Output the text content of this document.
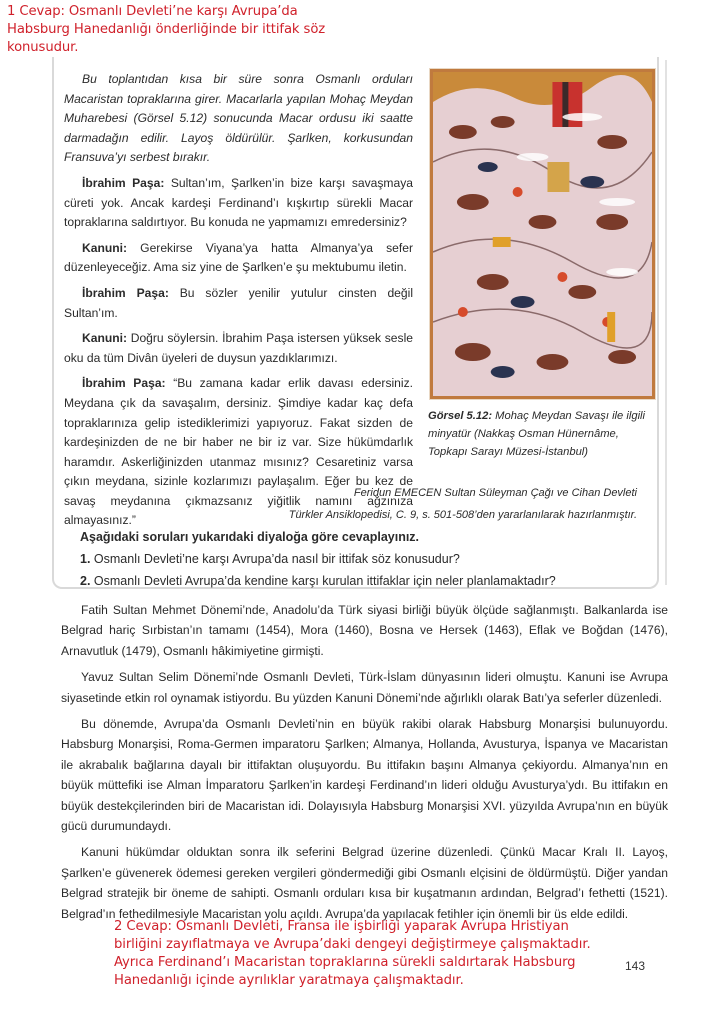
1 Cevap: Osmanlı Devleti’ne karşı Avrupa’da Habsburg Hanedanlığı önderliğinde bir ittifak söz konusudur.

Bu toplantıdan kısa bir süre sonra Osmanlı orduları Macaristan topraklarına girer. Macarlarla yapılan Mohaç Meydan Muharebesi (Görsel 5.12) sonucunda Macar ordusu iki saatte darmadağın edilir. Layoş öldürülür. Şarlken, korkusundan Fransuva’yı serbest bırakır.

İbrahim Paşa: Sultan’ım, Şarlken’in bize karşı savaşmaya cüreti yok. Ancak kardeşi Ferdinand’ı kışkırtıp sürekli Macar topraklarına saldırtıyor. Bu konuda ne yapmamızı emredersiniz?

Kanuni: Gerekirse Viyana’ya hatta Almanya’ya sefer düzenleyeceğiz. Ama siz yine de Şarlken’e şu mektubumu iletin.

İbrahim Paşa: Bu sözler yenilir yutulur cinsten değil Sultan’ım.

Kanuni: Doğru söylersin. İbrahim Paşa istersen yüksek sesle oku da tüm Divân üyeleri de duysun yazdıklarımızı.

İbrahim Paşa: “Bu zamana kadar erlik davası edersiniz. Meydana çık da savaşalım, dersiniz. Şimdiye kadar kaç defa topraklarınıza gelip istediklerimizi yapıyoruz. Fakat sizden de kardeşinizden de ne bir haber ne bir iz var. Size hükümdarlık haramdır. Askerliğinizden utanmaz mısınız? Cesaretiniz varsa çıkın meydana, sizinle kozlarımızı paylaşalım. Eğer bu kez de savaş meydanına çıkmazsanız yiğitlik namını ağzınıza almayasınız.”

Görsel 5.12: Mohaç Meydan Savaşı ile ilgili minyatür (Nakkaş Osman Hünernâme, Topkapı Sarayı Müzesi-İstanbul)
Feridun EMECEN Sultan Süleyman Çağı ve Cihan Devleti
Türkler Ansiklopedisi, C. 9, s. 501-508’den yararlanılarak hazırlanmıştır.
Aşağıdaki soruları yukarıdaki diyaloğa göre cevaplayınız.
1. Osmanlı Devleti’ne karşı Avrupa’da nasıl bir ittifak söz konusudur?
2. Osmanlı Devleti Avrupa’da kendine karşı kurulan ittifaklar için neler planlamaktadır?

Fatih Sultan Mehmet Dönemi’nde, Anadolu’da Türk siyasi birliği büyük ölçüde sağlanmıştı. Balkanlarda ise Belgrad hariç Sırbistan’ın tamamı (1454), Mora (1460), Bosna ve Hersek (1463), Eflak ve Boğdan (1476), Arnavutluk (1479), Osmanlı hâkimiyetine girmişti.

Yavuz Sultan Selim Dönemi’nde Osmanlı Devleti, Türk-İslam dünyasının lideri olmuştu. Kanuni ise Avrupa siyasetinde etkin rol oynamak istiyordu. Bu yüzden Kanuni Dönemi’nde ağırlıklı olarak Batı’ya seferler düzenledi.

Bu dönemde, Avrupa’da Osmanlı Devleti’nin en büyük rakibi olarak Habsburg Monarşisi bulunuyordu. Habsburg Monarşisi, Roma-Germen imparatoru Şarlken; Almanya, Hollanda, Avusturya, İspanya ve Macaristan ile akrabalık bağlarına dayalı bir ittifaktan oluşuyordu. Bu ittifakın başını Almanya çekiyordu. Almanya’nın en büyük müttefiki ise Alman İmparatoru Şarlken’in kardeşi Ferdinand’ın lideri olduğu Avusturya’ydı. Bu ittifakın en büyük destekçilerinden biri de Macaristan idi. Dolayısıyla Habsburg Monarşisi XVI. yüzyılda Avrupa’nın en büyük gücü durumundaydı.

Kanuni hükümdar olduktan sonra ilk seferini Belgrad üzerine düzenledi. Çünkü Macar Kralı II. Layoş, Şarlken’e güvenerek ödemesi gereken vergileri göndermediği gibi Osmanlı elçisini de öldürmüştü. Diğer yandan Belgrad stratejik bir öneme de sahipti. Osmanlı orduları kısa bir kuşatmanın ardından, Belgrad’ı fethetti (1521). Belgrad’ın fethedilmesiyle Macaristan yolu açıldı. Avrupa’da yapılacak fetihler için önemli bir üs elde edildi.

2 Cevap: Osmanlı Devleti, Fransa ile işbirliği yaparak Avrupa Hristiyan birliğini zayıflatmaya ve Avrupa’daki dengeyi değiştirmeye çalışmaktadır. Ayrıca Ferdinand’ı Macaristan topraklarına sürekli saldırtarak Habsburg Hanedanlığı içinde ayrılıklar yaratmaya çalışmaktadır.
143
